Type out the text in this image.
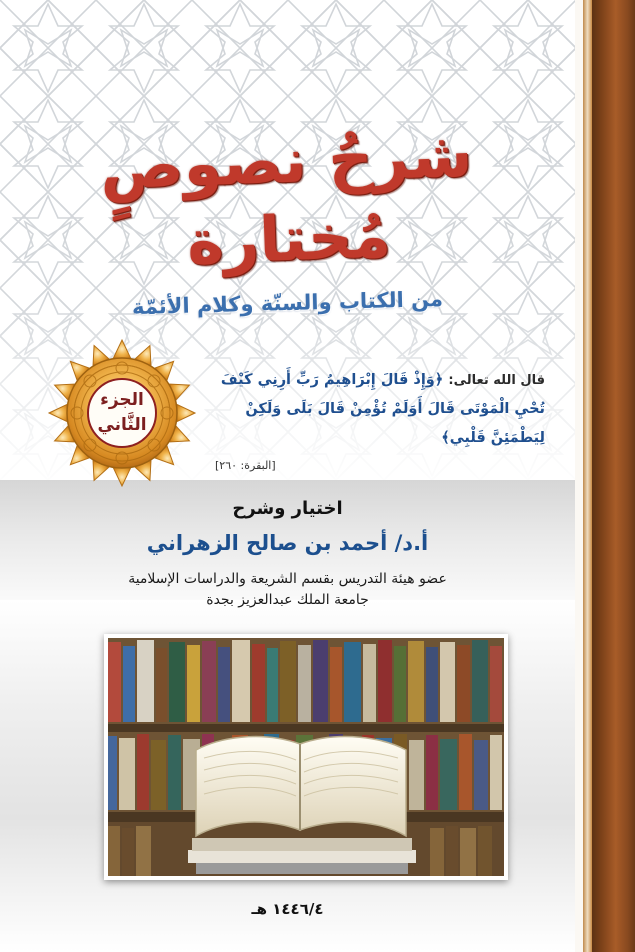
شرحُ نصوصٍ مُختارة
من الكتاب والسنّة وكلام الأئمّة
الجزء
الثَّاني
قال الله تعالى: ﴿وَإِذْ قَالَ إِبْرَاهِيمُ رَبِّ أَرِنِي كَيْفَ تُحْيِ الْمَوْتَى قَالَ أَوَلَمْ تُؤْمِنْ قَالَ بَلَى وَلَكِنْ لِيَطْمَئِنَّ قَلْبِي﴾
[البقرة: ٢٦٠]
اختيار وشرح
أ.د/ أحمد بن صالح الزهراني
عضو هيئة التدريس بقسم الشريعة والدراسات الإسلامية
جامعة الملك عبدالعزيز بجدة
١٤٤٦/٤ هـ
